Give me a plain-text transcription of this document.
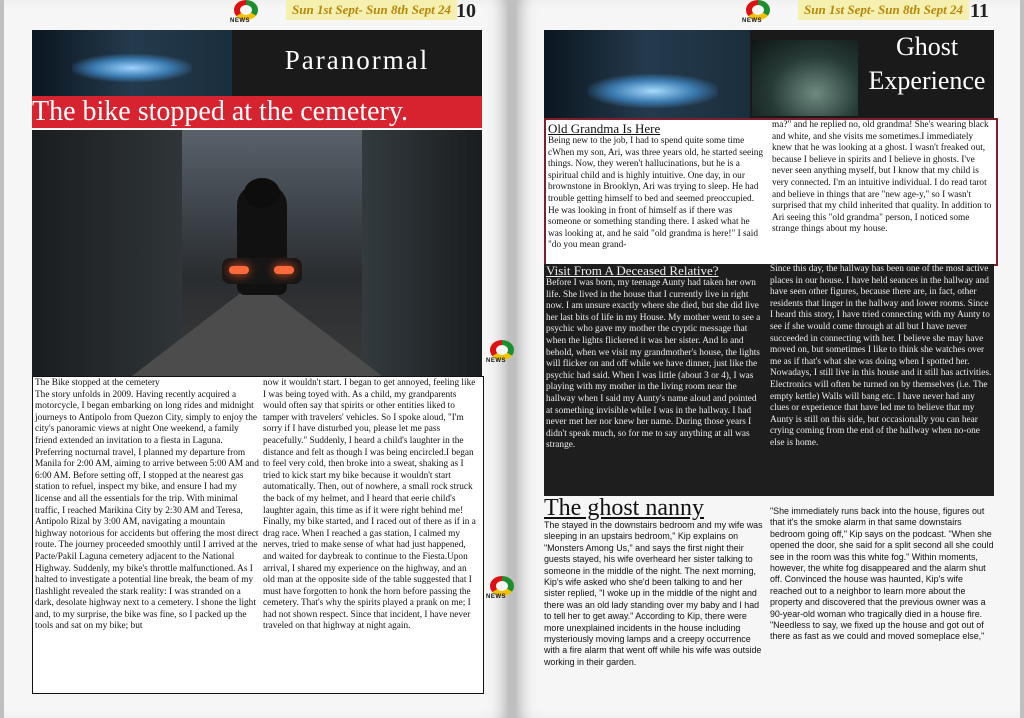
NEWS
Sun 1st Sept- Sun 8th Sept 24 10
Paranormal
The bike stopped at the cemetery.

The Bike stopped at the cemetery

The story unfolds in 2009. Having recently acquired a motorcycle, I began embarking on long rides and midnight journeys to Antipolo from Quezon City, simply to enjoy the city's panoramic views at night One weekend, a family friend extended an invitation to a fiesta in Laguna. Preferring nocturnal travel, I planned my departure from Manila for 2:00 AM, aiming to arrive between 5:00 AM and 6:00 AM. Before setting off, I stopped at the nearest gas station to refuel, inspect my bike, and ensure I had my license and all the essentials for the trip. With minimal traffic, I reached Marikina City by 2:30 AM and Teresa, Antipolo Rizal by 3:00 AM, navigating a mountain highway notorious for accidents but offering the most direct route. The journey proceeded smoothly until I arrived at the Pacte/Pakil Laguna cemetery adjacent to the National Highway. Suddenly, my bike's throttle malfunctioned. As I halted to investigate a potential line break, the beam of my flashlight revealed the stark reality: I was stranded on a dark, desolate highway next to a cemetery. I shone the light and, to my surprise, the bike was fine, so I packed up the tools and sat on my bike; but

now it wouldn't start. I began to get annoyed, feeling like I was being toyed with. As a child, my grandparents would often say that spirits or other entities liked to tamper with travelers' vehicles. So I spoke aloud, "I'm sorry if I have disturbed you, please let me pass peacefully." Suddenly, I heard a child's laughter in the distance and felt as though I was being encircled.I began to feel very cold, then broke into a sweat, shaking as I tried to kick start my bike because it wouldn't start automatically. Then, out of nowhere, a small rock struck the back of my helmet, and I heard that eerie child's laughter again, this time as if it were right behind me! Finally, my bike started, and I raced out of there as if in a drag race. When I reached a gas station, I calmed my nerves, tried to make sense of what had just happened, and waited for daybreak to continue to the Fiesta.Upon arrival, I shared my experience on the highway, and an old man at the opposite side of the table suggested that I must have forgotten to honk the horn before passing the cemetery. That's why the spirits played a prank on me; I had not shown respect. Since that incident, I have never traveled on that highway at night again.

NEWS
NEWS
NEWS
Sun 1st Sept- Sun 8th Sept 24 11
Ghost
Experience

Old Grandma Is Here

Being new to the job, I had to spend quite some time cWhen my son, Ari, was three years old, he started seeing things. Now, they weren't hallucinations, but he is a spiritual child and is highly intuitive. One day, in our brownstone in Brooklyn, Ari was trying to sleep. He had trouble getting himself to bed and seemed preoccupied. He was looking in front of himself as if there was someone or something standing there. I asked what he was looking at, and he said "old grandma is here!" I said "do you mean grand-

ma?" and he replied no, old grandma! She's wearing black and white, and she visits me sometimes.I immediately knew that he was looking at a ghost. I wasn't freaked out, because I believe in spirits and I believe in ghosts. I've never seen anything myself, but I know that my child is very connected. I'm an intuitive individual. I do read tarot and believe in things that are "new age-y," so I wasn't surprised that my child inherited that quality. In addition to Ari seeing this "old grandma" person, I noticed some strange things about my house.

Visit From A Deceased Relative?

Before I was born, my teenage Aunty had taken her own life. She lived in the house that I currently live in right now. I am unsure exactly where she died, but she did live her last bits of life in my House. My mother went to see a psychic who gave my mother the cryptic message that when the lights flickered it was her sister. And lo and behold, when we visit my grandmother's house, the lights will flicker on and off while we have dinner, just like the psychic had said. When I was little (about 3 or 4), I was playing with my mother in the living room near the hallway when I said my Aunty's name aloud and pointed at something invisible while I was in the hallway. I had never met her nor knew her name. During those years I didn't speak much, so for me to say anything at all was strange.

Since this day, the hallway has been one of the most active places in our house. I have held seances in the hallway and have seen other figures, because there are, in fact, other residents that linger in the hallway and lower rooms. Since I heard this story, I have tried connecting with my Aunty to see if she would come through at all but I have never succeeded in connecting with her. I believe she may have moved on, but sometimes I like to think she watches over me as if that's what she was doing when I spotted her. Nowadays, I still live in this house and it still has activities. Electronics will often be turned on by themselves (i.e. The empty kettle) Walls will bang etc. I have never had any clues or experience that have led me to believe that my Aunty is still on this side, but occasionally you can hear crying coming from the end of the hallway when no-one else is home.

The ghost nanny

The stayed in the downstairs bedroom and my wife was sleeping in an upstairs bedroom," Kip explains on "Monsters Among Us," and says the first night their guests stayed, his wife overheard her sister talking to someone in the middle of the night. The next morning, Kip's wife asked who she'd been talking to and her sister replied, "I woke up in the middle of the night and there was an old lady standing over my baby and I had to tell her to get away." According to Kip, there were more unexplained incidents in the house including mysteriously moving lamps and a creepy occurrence with a fire alarm that went off while his wife was outside working in their garden.

"She immediately runs back into the house, figures out that it's the smoke alarm in that same downstairs bedroom going off," Kip says on the podcast. "When she opened the door, she said for a split second all she could see in the room was this white fog." Within moments, however, the white fog disappeared and the alarm shut off. Convinced the house was haunted, Kip's wife reached out to a neighbor to learn more about the property and discovered that the previous owner was a 90-year-old woman who tragically died in a house fire. "Needless to say, we fixed up the house and got out of there as fast as we could and moved someplace else,"
